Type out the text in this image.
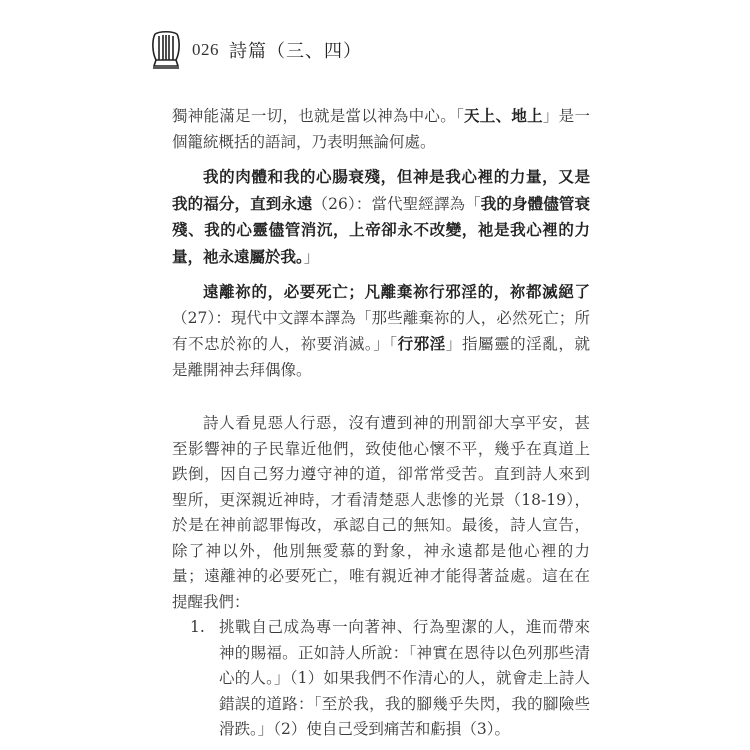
026 詩篇（三、四）

獨神能滿足一切，也就是當以神為中心。「天上、地上」是一個籠統概括的語詞，乃表明無論何處。

我的肉體和我的心腸衰殘，但神是我心裡的力量，又是我的福分，直到永遠（26）：當代聖經譯為「我的身體儘管衰殘、我的心靈儘管消沉，上帝卻永不改變，祂是我心裡的力量，祂永遠屬於我。」

遠離祢的，必要死亡；凡離棄祢行邪淫的，祢都滅絕了（27）：現代中文譯本譯為「那些離棄祢的人，必然死亡；所有不忠於祢的人，祢要消滅。」「行邪淫」指屬靈的淫亂，就是離開神去拜偶像。

詩人看見惡人行惡，沒有遭到神的刑罰卻大享平安，甚至影響神的子民靠近他們，致使他心懷不平，幾乎在真道上跌倒，因自己努力遵守神的道，卻常常受苦。直到詩人來到聖所，更深親近神時，才看清楚惡人悲慘的光景（18-19），於是在神前認罪悔改，承認自己的無知。最後，詩人宣告，除了神以外，他別無愛慕的對象，神永遠都是他心裡的力量；遠離神的必要死亡，唯有親近神才能得著益處。這在在提醒我們：

1. 挑戰自己成為專一向著神、行為聖潔的人，進而帶來神的賜福。正如詩人所說：「神實在恩待以色列那些清心的人。」（1）如果我們不作清心的人，就會走上詩人錯誤的道路：「至於我，我的腳幾乎失閃，我的腳險些滑跌。」（2）使自己受到痛苦和虧損（3）。
